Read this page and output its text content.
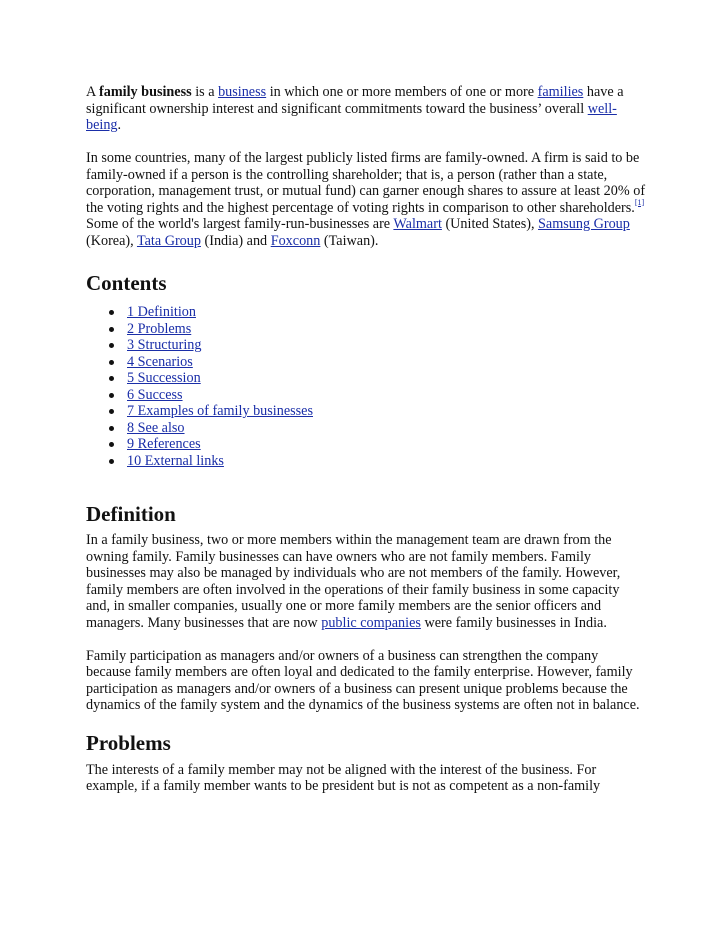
A family business is a business in which one or more members of one or more families have a significant ownership interest and significant commitments toward the business’ overall well-being.

In some countries, many of the largest publicly listed firms are family-owned. A firm is said to be family-owned if a person is the controlling shareholder; that is, a person (rather than a state, corporation, management trust, or mutual fund) can garner enough shares to assure at least 20% of the voting rights and the highest percentage of voting rights in comparison to other shareholders.[1]

Some of the world's largest family-run-businesses are Walmart (United States), Samsung Group (Korea), Tata Group (India) and Foxconn (Taiwan).

Contents
1 Definition
2 Problems
3 Structuring
4 Scenarios
5 Succession
6 Success
7 Examples of family businesses
8 See also
9 References
10 External links
Definition

In a family business, two or more members within the management team are drawn from the owning family. Family businesses can have owners who are not family members. Family businesses may also be managed by individuals who are not members of the family. However, family members are often involved in the operations of their family business in some capacity and, in smaller companies, usually one or more family members are the senior officers and managers. Many businesses that are now public companies were family businesses in India.

Family participation as managers and/or owners of a business can strengthen the company because family members are often loyal and dedicated to the family enterprise. However, family participation as managers and/or owners of a business can present unique problems because the dynamics of the family system and the dynamics of the business systems are often not in balance.

Problems

The interests of a family member may not be aligned with the interest of the business. For example, if a family member wants to be president but is not as competent as a non-family
